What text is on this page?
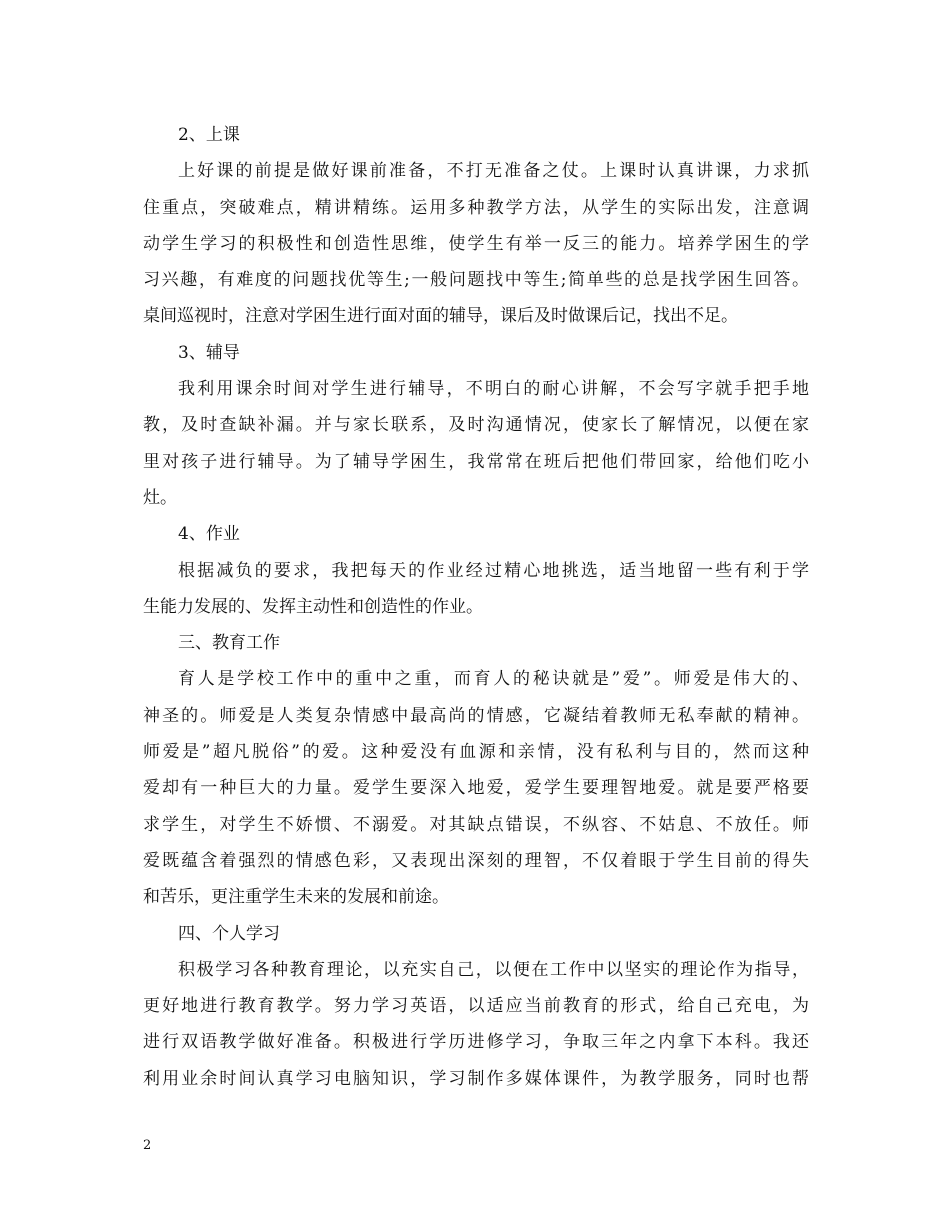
2、上课
上好课的前提是做好课前准备，不打无准备之仗。上课时认真讲课，力求抓
住重点，突破难点，精讲精练。运用多种教学方法，从学生的实际出发，注意调
动学生学习的积极性和创造性思维，使学生有举一反三的能力。培养学困生的学
习兴趣，有难度的问题找优等生;一般问题找中等生;简单些的总是找学困生回答。
桌间巡视时，注意对学困生进行面对面的辅导，课后及时做课后记，找出不足。
3、辅导
我利用课余时间对学生进行辅导，不明白的耐心讲解，不会写字就手把手地
教，及时查缺补漏。并与家长联系，及时沟通情况，使家长了解情况，以便在家
里对孩子进行辅导。为了辅导学困生，我常常在班后把他们带回家，给他们吃小
灶。
4、作业
根据减负的要求，我把每天的作业经过精心地挑选，适当地留一些有利于学
生能力发展的、发挥主动性和创造性的作业。
三、教育工作
育人是学校工作中的重中之重，而育人的秘诀就是”爱”。师爱是伟大的、
神圣的。师爱是人类复杂情感中最高尚的情感，它凝结着教师无私奉献的精神。
师爱是”超凡脱俗”的爱。这种爱没有血源和亲情，没有私利与目的，然而这种
爱却有一种巨大的力量。爱学生要深入地爱，爱学生要理智地爱。就是要严格要
求学生，对学生不娇惯、不溺爱。对其缺点错误，不纵容、不姑息、不放任。师
爱既蕴含着强烈的情感色彩，又表现出深刻的理智，不仅着眼于学生目前的得失
和苦乐，更注重学生未来的发展和前途。
四、个人学习
积极学习各种教育理论，以充实自己，以便在工作中以坚实的理论作为指导，
更好地进行教育教学。努力学习英语，以适应当前教育的形式，给自己充电，为
进行双语教学做好准备。积极进行学历进修学习，争取三年之内拿下本科。我还
利用业余时间认真学习电脑知识，学习制作多媒体课件，为教学服务，同时也帮
2
